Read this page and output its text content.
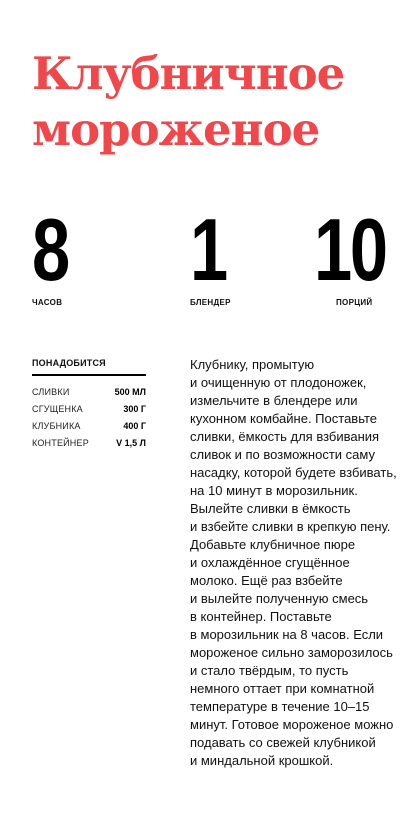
Клубничное
мороженое
8
ЧАСОВ
1
БЛЕНДЕР
10
ПОРЦИЙ
ПОНАДОБИТСЯ
СЛИВКИ	500 МЛ
СГУЩЕНКА	300 Г
КЛУБНИКА	400 Г
КОНТЕЙНЕР	V 1,5 Л

Клубнику, промытую
и очищенную от плодоножек,
измельчите в блендере или
кухонном комбайне. Поставьте
сливки, ёмкость для взбивания
сливок и по возможности саму
насадку, которой будете взбивать,
на 10 минут в морозильник.
Вылейте сливки в ёмкость
и взбейте сливки в крепкую пену.
Добавьте клубничное пюре
и охлаждённое сгущённое
молоко. Ещё раз взбейте
и вылейте полученную смесь
в контейнер. Поставьте
в морозильник на 8 часов. Если
мороженое сильно заморозилось
и стало твёрдым, то пусть
немного оттает при комнатной
температуре в течение 10–15
минут. Готовое мороженое можно
подавать со свежей клубникой
и миндальной крошкой.
